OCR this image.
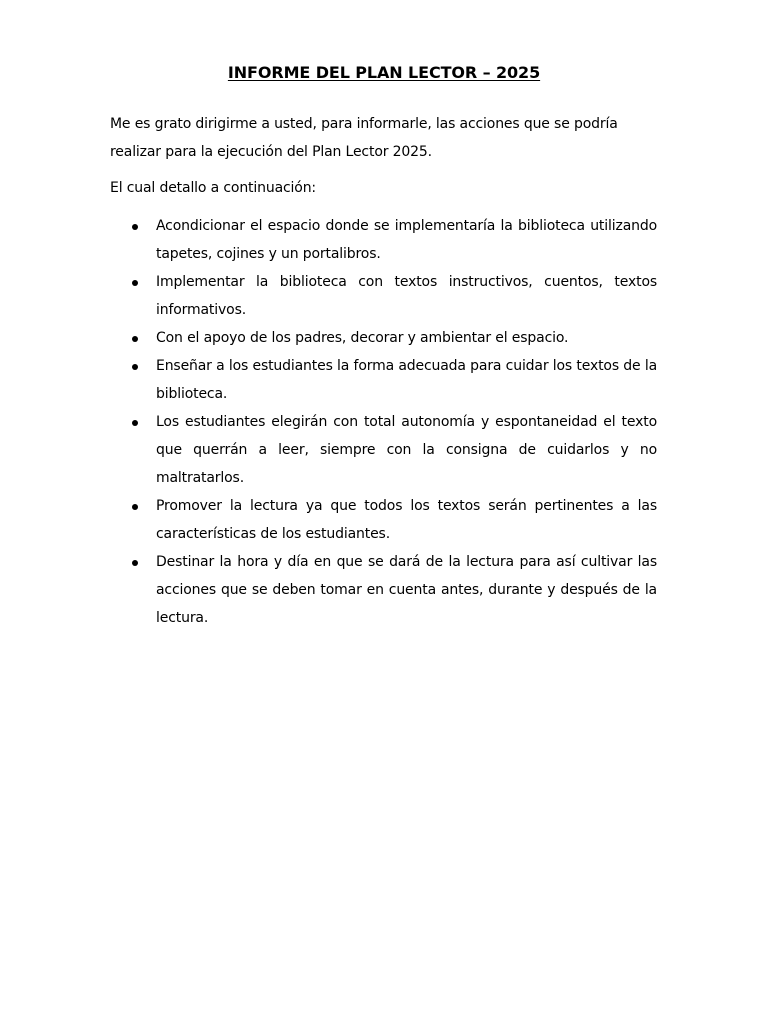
INFORME DEL PLAN LECTOR – 2025

Me es grato dirigirme a usted, para informarle, las acciones que se podría realizar para la ejecución del Plan Lector 2025.

El cual detallo a continuación:

Acondicionar el espacio donde se implementaría la biblioteca utilizando tapetes, cojines y un portalibros.
Implementar la biblioteca con textos instructivos, cuentos, textos informativos.
Con el apoyo de los padres, decorar y ambientar el espacio.
Enseñar a los estudiantes la forma adecuada para cuidar los textos de la biblioteca.
Los estudiantes elegirán con total autonomía y espontaneidad el texto que querrán a leer, siempre con la consigna de cuidarlos y no maltratarlos.
Promover la lectura ya que todos los textos serán pertinentes a las características de los estudiantes.
Destinar la hora y día en que se dará de la lectura para así cultivar las acciones que se deben tomar en cuenta antes, durante y después de la lectura.
